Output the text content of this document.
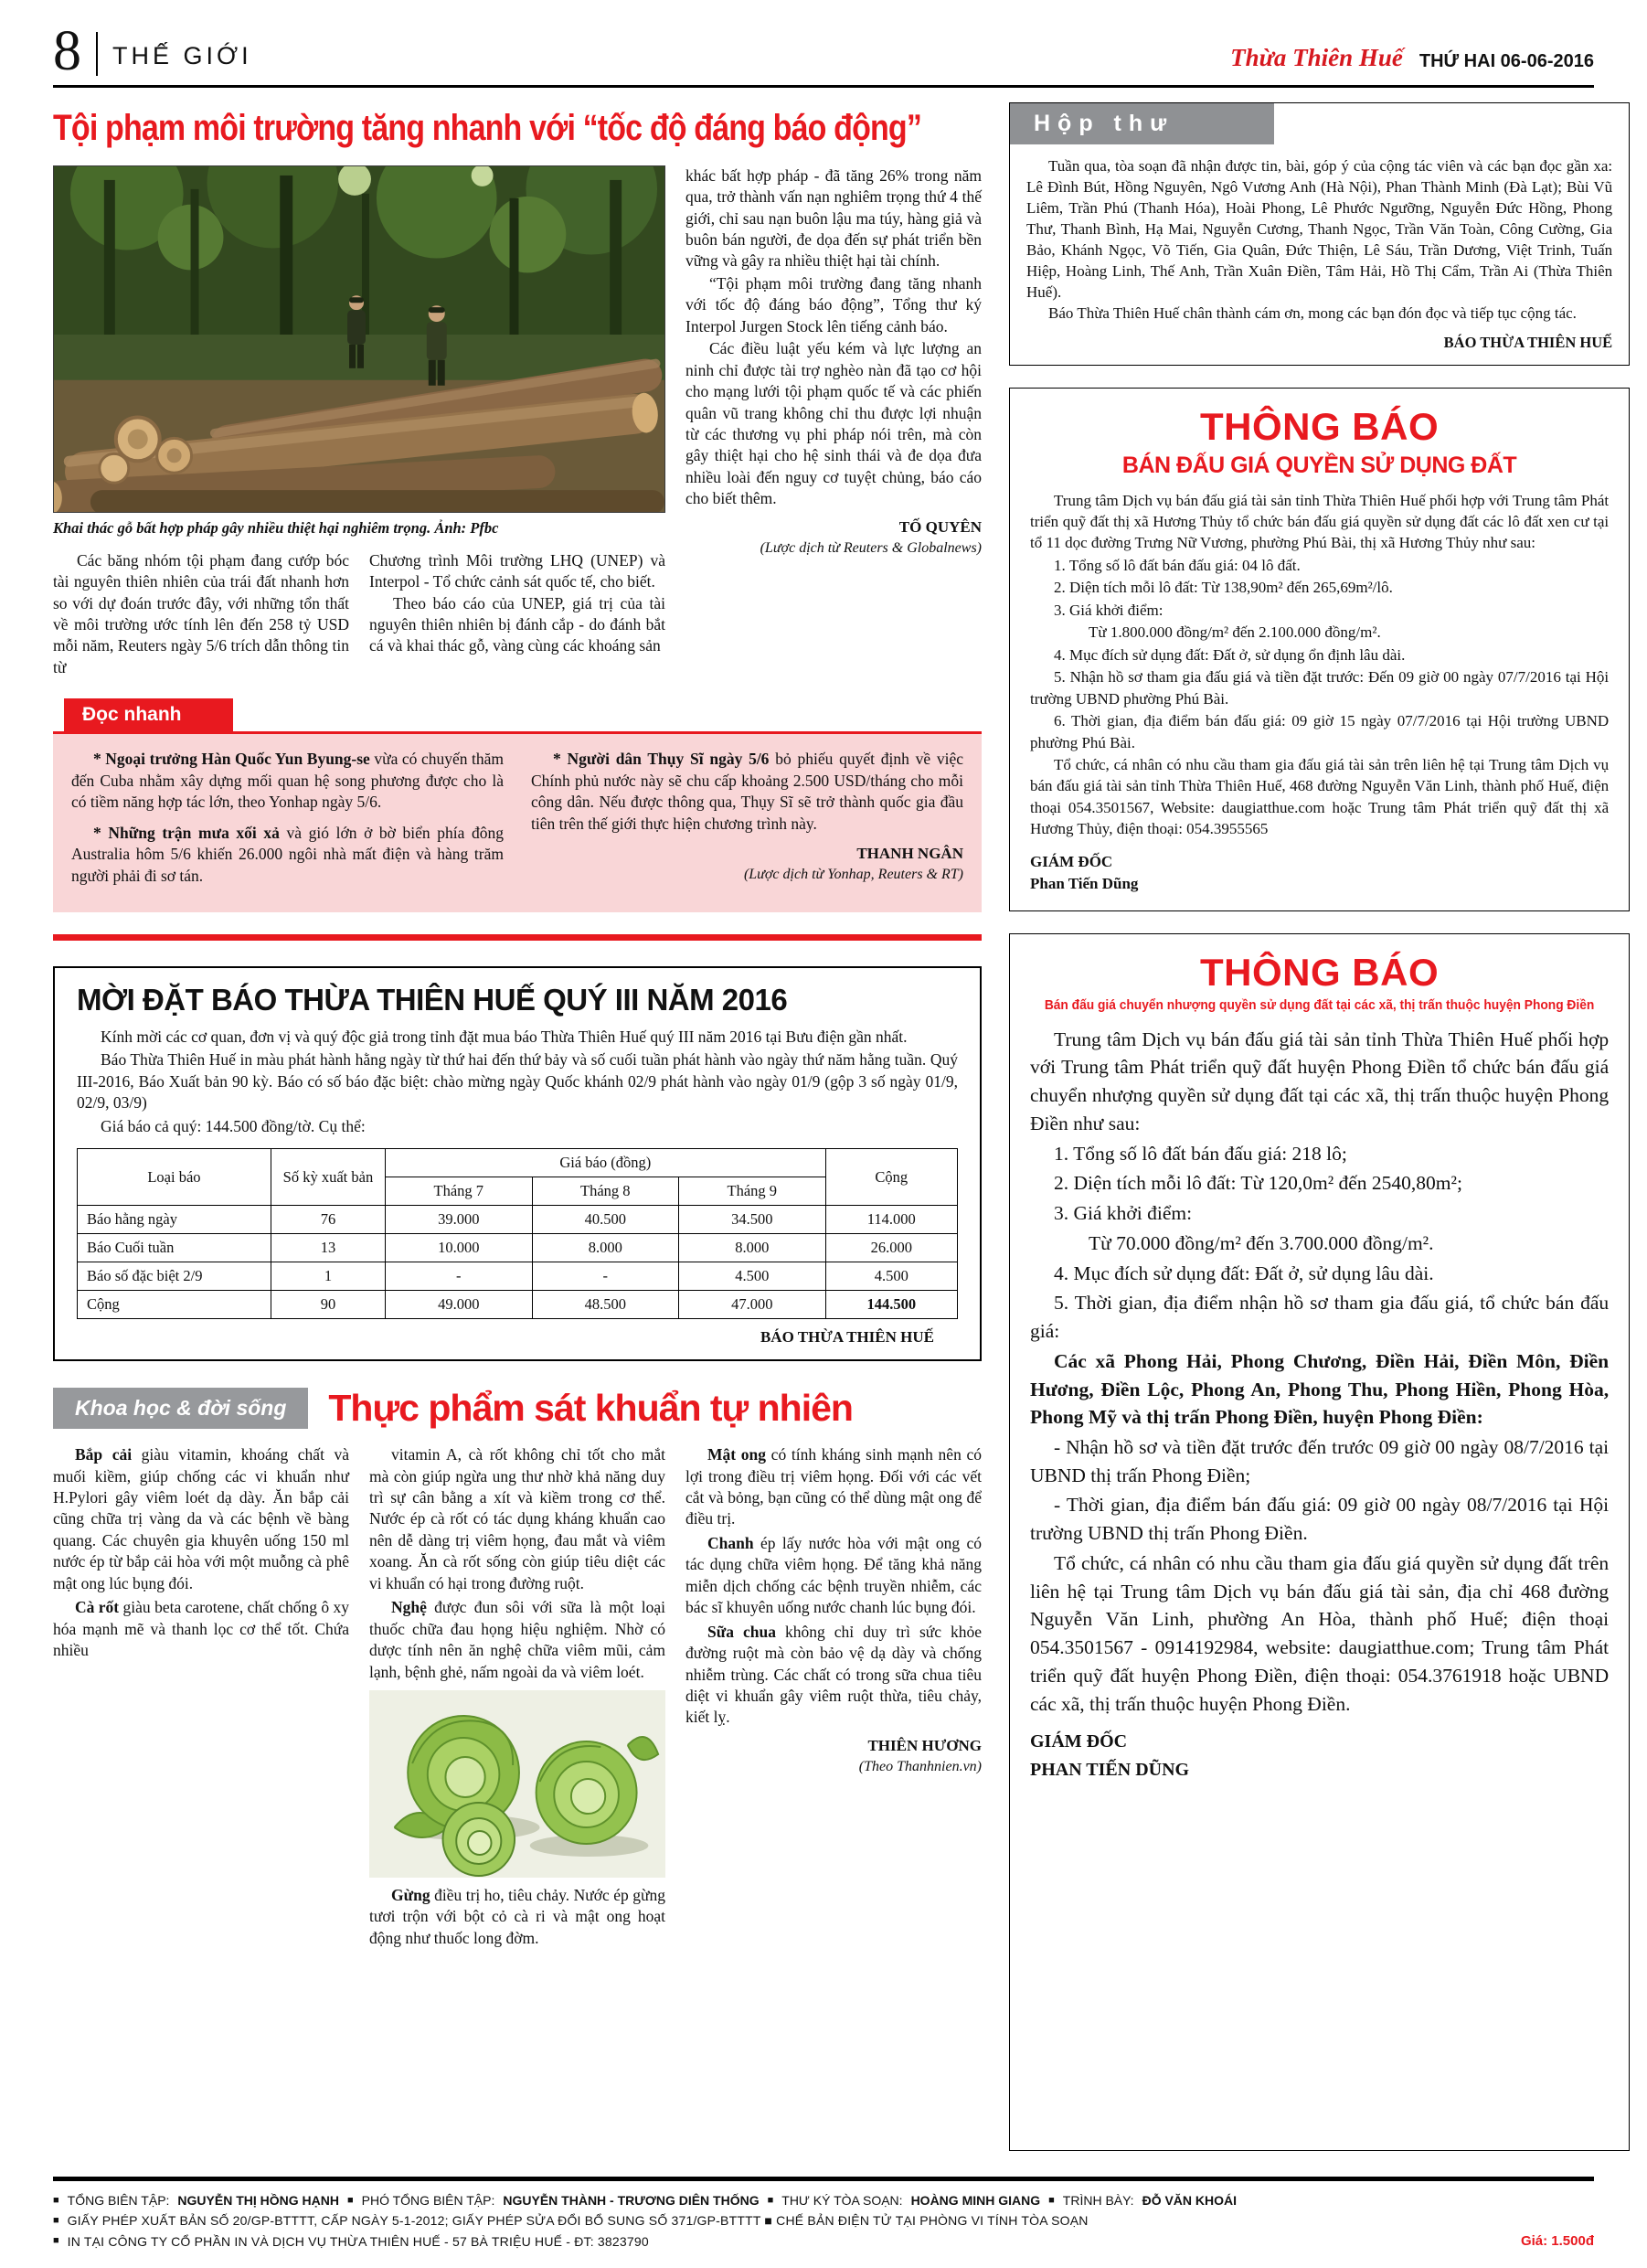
8 THẾ GIỚI	Thừa Thiên Huế THỨ HAI 06-06-2016
Tội phạm môi trường tăng nhanh với “tốc độ đáng báo động”
Khai thác gỗ bất hợp pháp gây nhiều thiệt hại nghiêm trọng. Ảnh: Pfbc

Các băng nhóm tội phạm đang cướp bóc tài nguyên thiên nhiên của trái đất nhanh hơn so với dự đoán trước đây, với những tổn thất về môi trường ước tính lên đến 258 tỷ USD mỗi năm, Reuters ngày 5/6 trích dẫn thông tin từ

Chương trình Môi trường LHQ (UNEP) và Interpol - Tổ chức cảnh sát quốc tế, cho biết.

Theo báo cáo của UNEP, giá trị của tài nguyên thiên nhiên bị đánh cắp - do đánh bắt cá và khai thác gỗ, vàng cùng các khoáng sản

khác bất hợp pháp - đã tăng 26% trong năm qua, trở thành vấn nạn nghiêm trọng thứ 4 thế giới, chỉ sau nạn buôn lậu ma túy, hàng giả và buôn bán người, đe dọa đến sự phát triển bền vững và gây ra nhiều thiệt hại tài chính.

“Tội phạm môi trường đang tăng nhanh với tốc độ đáng báo động”, Tổng thư ký Interpol Jurgen Stock lên tiếng cảnh báo.

Các điều luật yếu kém và lực lượng an ninh chỉ được tài trợ nghèo nàn đã tạo cơ hội cho mạng lưới tội phạm quốc tế và các phiến quân vũ trang không chỉ thu được lợi nhuận từ các thương vụ phi pháp nói trên, mà còn gây thiệt hại cho hệ sinh thái và đe dọa đưa nhiều loài đến nguy cơ tuyệt chủng, báo cáo cho biết thêm.

TỐ QUYÊN

(Lược dịch từ Reuters & Globalnews)

Đọc nhanh

* Ngoại trưởng Hàn Quốc Yun Byung-se vừa có chuyến thăm đến Cuba nhằm xây dựng mối quan hệ song phương được cho là có tiềm năng hợp tác lớn, theo Yonhap ngày 5/6.

* Những trận mưa xối xả và gió lớn ở bờ biển phía đông Australia hôm 5/6 khiến 26.000 ngôi nhà mất điện và hàng trăm người phải đi sơ tán.

* Người dân Thụy Sĩ ngày 5/6 bỏ phiếu quyết định về việc Chính phủ nước này sẽ chu cấp khoảng 2.500 USD/tháng cho mỗi công dân. Nếu được thông qua, Thụy Sĩ sẽ trở thành quốc gia đầu tiên trên thế giới thực hiện chương trình này.

THANH NGÂN

(Lược dịch từ Yonhap, Reuters & RT)

MỜI ĐẶT BÁO THỪA THIÊN HUẾ QUÝ III NĂM 2016

Kính mời các cơ quan, đơn vị và quý độc giả trong tỉnh đặt mua báo Thừa Thiên Huế quý III năm 2016 tại Bưu điện gần nhất.

Báo Thừa Thiên Huế in màu phát hành hằng ngày từ thứ hai đến thứ bảy và số cuối tuần phát hành vào ngày thứ năm hằng tuần. Quý III-2016, Báo Xuất bản 90 kỳ. Báo có số báo đặc biệt: chào mừng ngày Quốc khánh 02/9 phát hành vào ngày 01/9 (gộp 3 số ngày 01/9, 02/9, 03/9)

Giá báo cả quý: 144.500 đồng/tờ. Cụ thể:

Loại báo	Số kỳ xuất bản	Giá báo (đồng)			Cộng
		Tháng 7	Tháng 8	Tháng 9	
Báo hằng ngày	76	39.000	40.500	34.500	114.000
Báo Cuối tuần	13	10.000	8.000	8.000	26.000
Báo số đặc biệt 2/9	1	-	-	4.500	4.500
Cộng	90	49.000	48.500	47.000	144.500

BÁO THỪA THIÊN HUẾ

Khoa học & đời sống	Thực phẩm sát khuẩn tự nhiên

Bắp cải giàu vitamin, khoáng chất và muối kiềm, giúp chống các vi khuẩn như H.Pylori gây viêm loét dạ dày. Ăn bắp cải cũng chữa trị vàng da và các bệnh về bàng quang. Các chuyên gia khuyên uống 150 ml nước ép từ bắp cải hòa với một muỗng cà phê mật ong lúc bụng đói.

Cà rốt giàu beta carotene, chất chống ô xy hóa mạnh mẽ và thanh lọc cơ thể tốt. Chứa nhiều

vitamin A, cà rốt không chỉ tốt cho mắt mà còn giúp ngừa ung thư nhờ khả năng duy trì sự cân bằng a xít và kiềm trong cơ thể. Nước ép cà rốt có tác dụng kháng khuẩn cao nên dễ dàng trị viêm họng, đau mắt và viêm xoang. Ăn cà rốt sống còn giúp tiêu diệt các vi khuẩn có hại trong đường ruột.

Nghệ được đun sôi với sữa là một loại thuốc chữa đau họng hiệu nghiệm. Nhờ có dược tính nên ăn nghệ chữa viêm mũi, cảm lạnh, bệnh ghẻ, nấm ngoài da và viêm loét.

Gừng điều trị ho, tiêu chảy. Nước ép gừng tươi trộn với bột cỏ cà ri và mật ong hoạt động như thuốc long đờm.

Mật ong có tính kháng sinh mạnh nên có lợi trong điều trị viêm họng. Đối với các vết cắt và bỏng, bạn cũng có thể dùng mật ong để điều trị.

Chanh ép lấy nước hòa với mật ong có tác dụng chữa viêm họng. Để tăng khả năng miễn dịch chống các bệnh truyền nhiễm, các bác sĩ khuyên uống nước chanh lúc bụng đói.

Sữa chua không chỉ duy trì sức khỏe đường ruột mà còn bảo vệ dạ dày và chống nhiễm trùng. Các chất có trong sữa chua tiêu diệt vi khuẩn gây viêm ruột thừa, tiêu chảy, kiết lỵ.

THIÊN HƯƠNG

(Theo Thanhnien.vn)

Hộp thư

Tuần qua, tòa soạn đã nhận được tin, bài, góp ý của cộng tác viên và các bạn đọc gần xa: Lê Đình Bút, Hồng Nguyên, Ngô Vương Anh (Hà Nội), Phan Thành Minh (Đà Lạt); Bùi Vũ Liêm, Trần Phú (Thanh Hóa), Hoài Phong, Lê Phước Ngưỡng, Nguyễn Đức Hồng, Phong Thư, Thanh Bình, Hạ Mai, Nguyễn Cương, Thanh Ngọc, Trần Văn Toàn, Công Cường, Gia Bảo, Khánh Ngọc, Võ Tiến, Gia Quân, Đức Thiện, Lê Sáu, Trần Dương, Việt Trinh, Tuấn Hiệp, Hoàng Linh, Thế Anh, Trần Xuân Điền, Tâm Hải, Hồ Thị Cẩm, Trần Ai (Thừa Thiên Huế).

Báo Thừa Thiên Huế chân thành cám ơn, mong các bạn đón đọc và tiếp tục cộng tác.

BÁO THỪA THIÊN HUẾ

THÔNG BÁO
BÁN ĐẤU GIÁ QUYỀN SỬ DỤNG ĐẤT

Trung tâm Dịch vụ bán đấu giá tài sản tỉnh Thừa Thiên Huế phối hợp với Trung tâm Phát triển quỹ đất thị xã Hương Thủy tổ chức bán đấu giá quyền sử dụng đất các lô đất xen cư tại tổ 11 dọc đường Trưng Nữ Vương, phường Phú Bài, thị xã Hương Thủy như sau:

1. Tổng số lô đất bán đấu giá: 04 lô đất.

2. Diện tích mỗi lô đất: Từ 138,90m² đến 265,69m²/lô.

3. Giá khởi điểm:

Từ 1.800.000 đồng/m² đến 2.100.000 đồng/m².

4. Mục đích sử dụng đất: Đất ở, sử dụng ổn định lâu dài.

5. Nhận hồ sơ tham gia đấu giá và tiền đặt trước: Đến 09 giờ 00 ngày 07/7/2016 tại Hội trường UBND phường Phú Bài.

6. Thời gian, địa điểm bán đấu giá: 09 giờ 15 ngày 07/7/2016 tại Hội trường UBND phường Phú Bài.

Tổ chức, cá nhân có nhu cầu tham gia đấu giá tài sản trên liên hệ tại Trung tâm Dịch vụ bán đấu giá tài sản tỉnh Thừa Thiên Huế, 468 đường Nguyễn Văn Linh, thành phố Huế, điện thoại 054.3501567, Website: daugiatthue.com hoặc Trung tâm Phát triển quỹ đất thị xã Hương Thủy, điện thoại: 054.3955565

GIÁM ĐỐC

Phan Tiến Dũng

THÔNG BÁO
Bán đấu giá chuyển nhượng quyền sử dụng đất tại các xã, thị trấn thuộc huyện Phong Điền

Trung tâm Dịch vụ bán đấu giá tài sản tỉnh Thừa Thiên Huế phối hợp với Trung tâm Phát triển quỹ đất huyện Phong Điền tổ chức bán đấu giá chuyển nhượng quyền sử dụng đất tại các xã, thị trấn thuộc huyện Phong Điền như sau:

1. Tổng số lô đất bán đấu giá: 218 lô;

2. Diện tích mỗi lô đất: Từ 120,0m² đến 2540,80m²;

3. Giá khởi điểm:

Từ 70.000 đồng/m² đến 3.700.000 đồng/m².

4. Mục đích sử dụng đất: Đất ở, sử dụng lâu dài.

5. Thời gian, địa điểm nhận hồ sơ tham gia đấu giá, tổ chức bán đấu giá:

Các xã Phong Hải, Phong Chương, Điền Hải, Điền Môn, Điền Hương, Điền Lộc, Phong An, Phong Thu, Phong Hiền, Phong Hòa, Phong Mỹ và thị trấn Phong Điền, huyện Phong Điền:

- Nhận hồ sơ và tiền đặt trước đến trước 09 giờ 00 ngày 08/7/2016 tại UBND thị trấn Phong Điền;

- Thời gian, địa điểm bán đấu giá: 09 giờ 00 ngày 08/7/2016 tại Hội trường UBND thị trấn Phong Điền.

Tổ chức, cá nhân có nhu cầu tham gia đấu giá quyền sử dụng đất trên liên hệ tại Trung tâm Dịch vụ bán đấu giá tài sản, địa chỉ 468 đường Nguyễn Văn Linh, phường An Hòa, thành phố Huế; điện thoại 054.3501567 - 0914192984, website: daugiatthue.com; Trung tâm Phát triển quỹ đất huyện Phong Điền, điện thoại: 054.3761918 hoặc UBND các xã, thị trấn thuộc huyện Phong Điền.

GIÁM ĐỐC

PHAN TIẾN DŨNG

■ TỔNG BIÊN TẬP: NGUYỄN THỊ HỒNG HẠNH ■ PHÓ TỔNG BIÊN TẬP: NGUYỄN THÀNH - TRƯƠNG DIÊN THỐNG ■ THƯ KÝ TÒA SOẠN: HOÀNG MINH GIANG ■ TRÌNH BÀY: ĐỖ VĂN KHOÁI
■ GIẤY PHÉP XUẤT BẢN SỐ 20/GP-BTTTT, CẤP NGÀY 5-1-2012; GIẤY PHÉP SỬA ĐỔI BỔ SUNG SỐ 371/GP-BTTTT ■ CHẾ BẢN ĐIỆN TỬ TẠI PHÒNG VI TÍNH TÒA SOẠN
■ IN TẠI CÔNG TY CỔ PHẦN IN VÀ DỊCH VỤ THỪA THIÊN HUẾ - 57 BÀ TRIỆU HUẾ - ĐT: 3823790	Giá: 1.500đ
